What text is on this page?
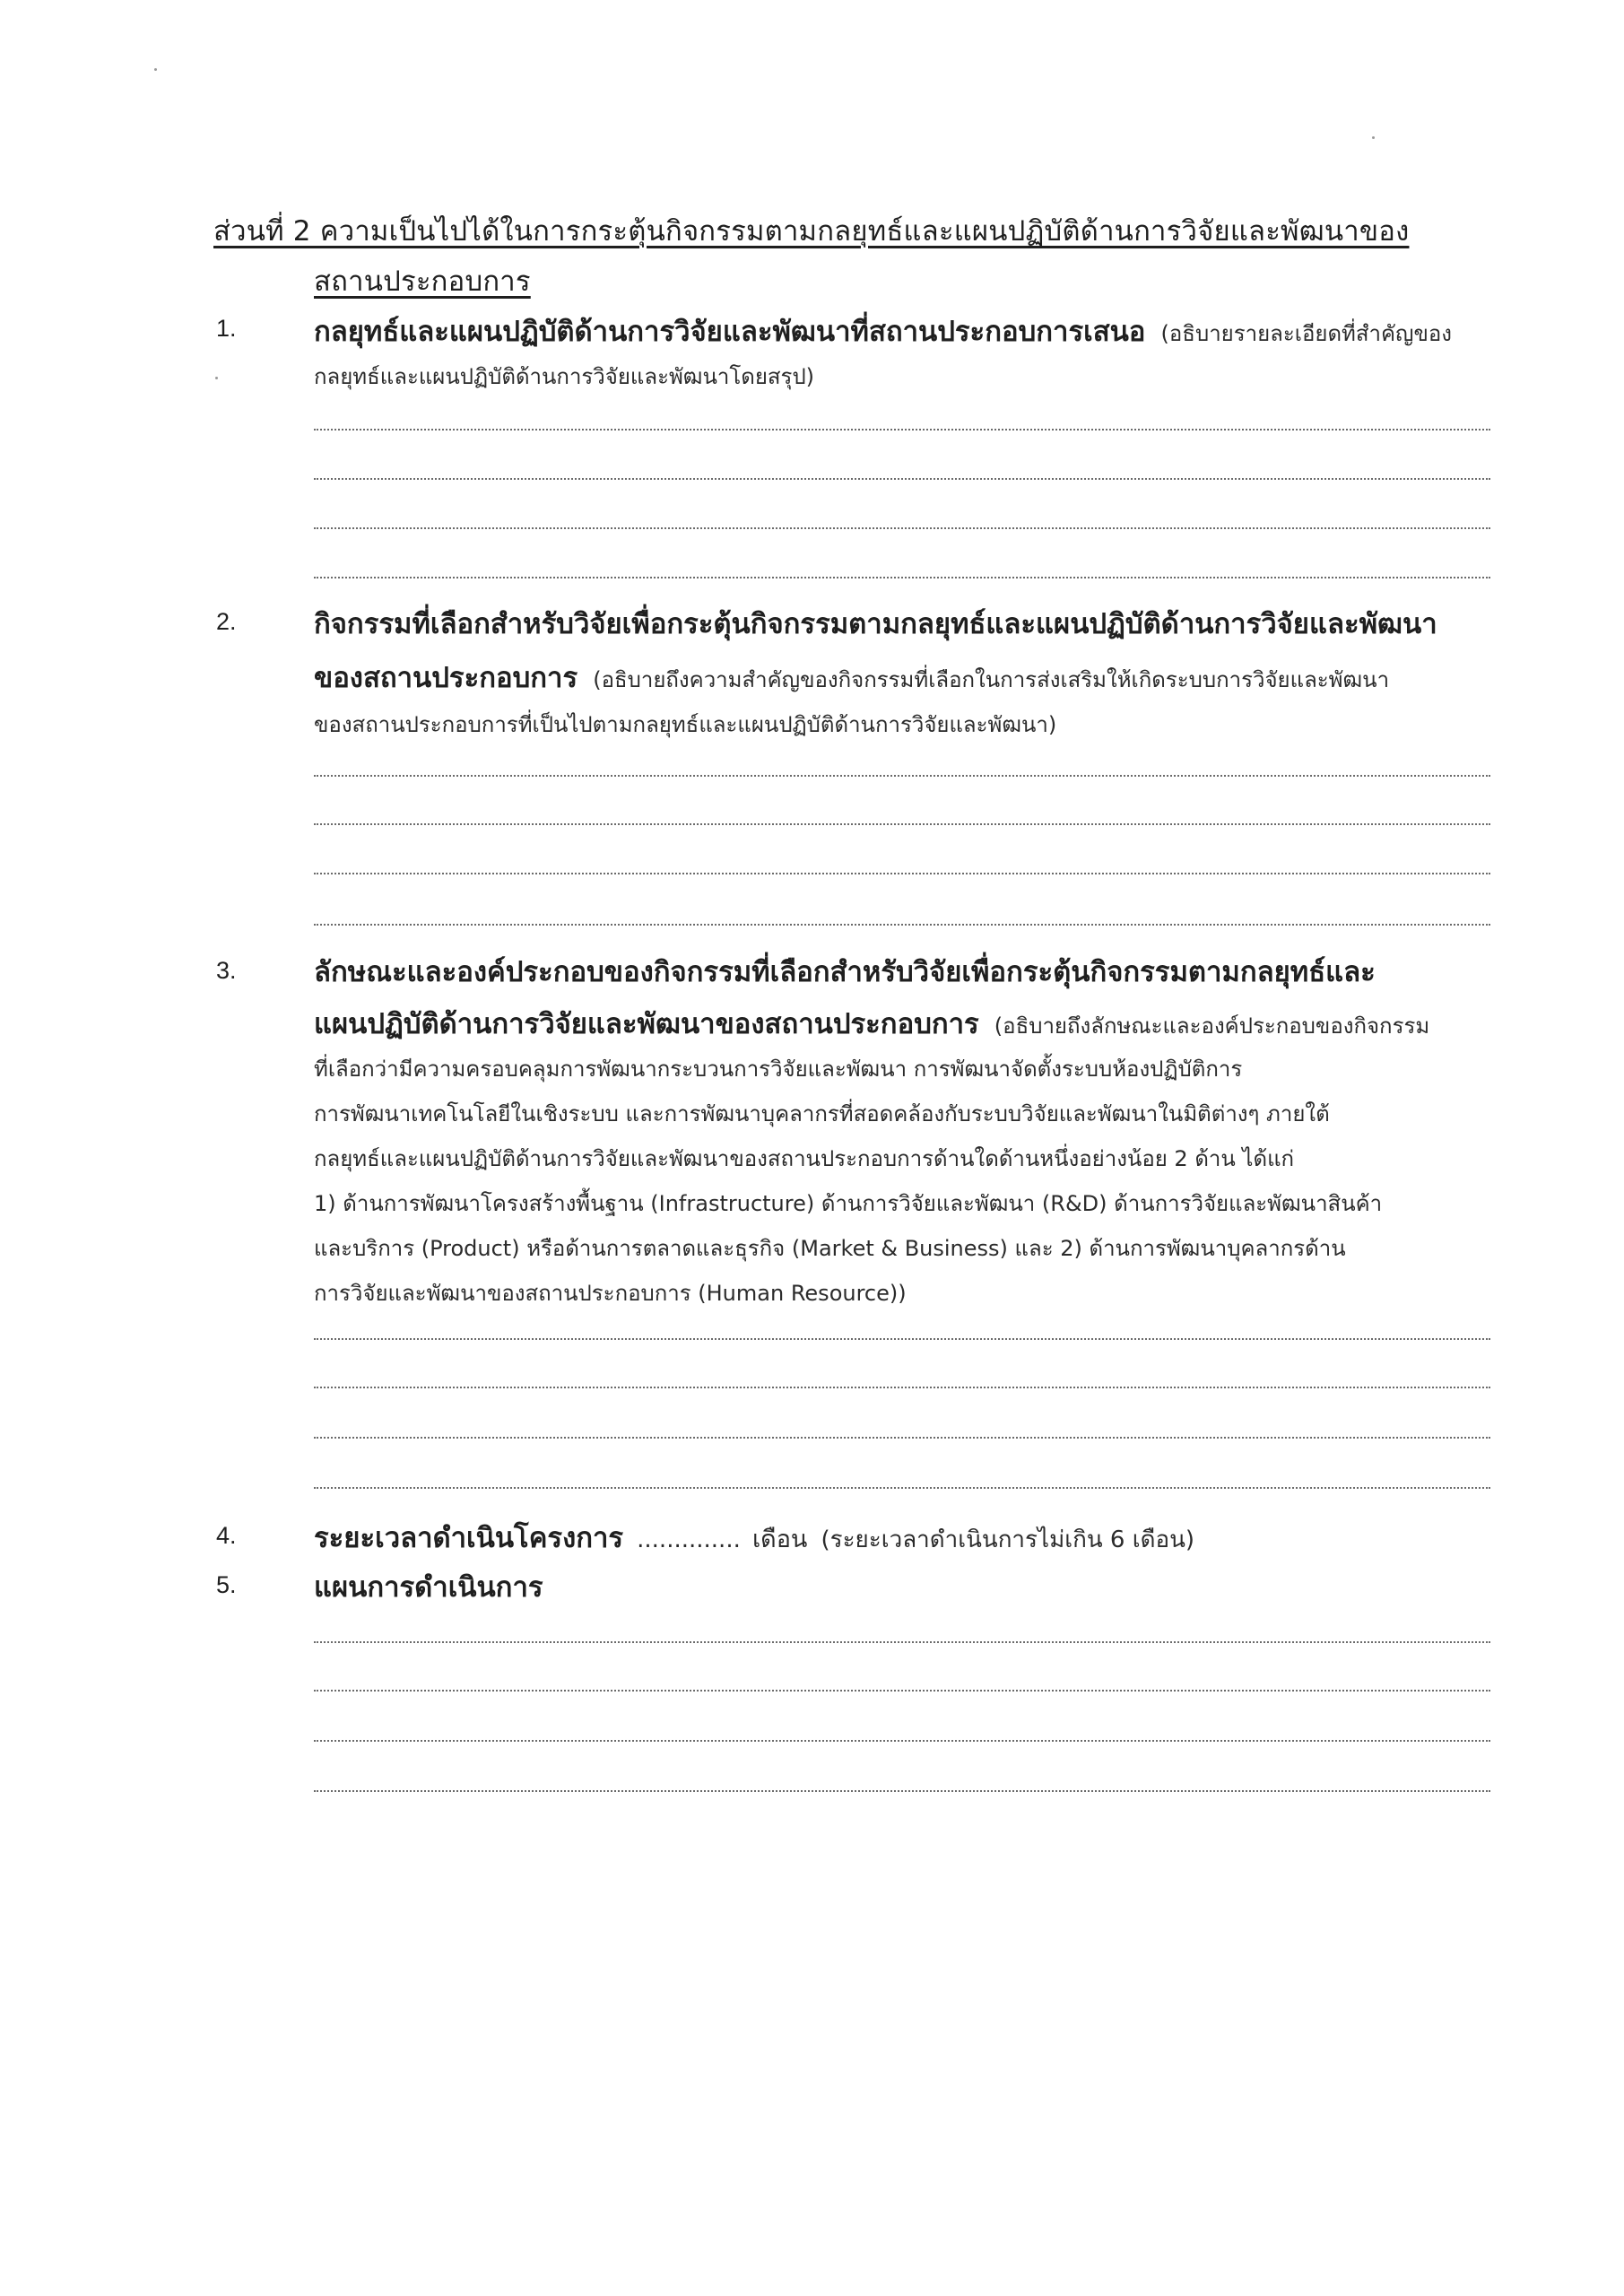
ส่วนที่ 2 ความเป็นไปได้ในการกระตุ้นกิจกรรมตามกลยุทธ์และแผนปฏิบัติด้านการวิจัยและพัฒนาของ
สถานประกอบการ
1.	กลยุทธ์และแผนปฏิบัติด้านการวิจัยและพัฒนาที่สถานประกอบการเสนอ (อธิบายรายละเอียดที่สำคัญของ
กลยุทธ์และแผนปฏิบัติด้านการวิจัยและพัฒนาโดยสรุป)
2.	กิจกรรมที่เลือกสำหรับวิจัยเพื่อกระตุ้นกิจกรรมตามกลยุทธ์และแผนปฏิบัติด้านการวิจัยและพัฒนา
ของสถานประกอบการ (อธิบายถึงความสำคัญของกิจกรรมที่เลือกในการส่งเสริมให้เกิดระบบการวิจัยและพัฒนา
ของสถานประกอบการที่เป็นไปตามกลยุทธ์และแผนปฏิบัติด้านการวิจัยและพัฒนา)
3.	ลักษณะและองค์ประกอบของกิจกรรมที่เลือกสำหรับวิจัยเพื่อกระตุ้นกิจกรรมตามกลยุทธ์และ
แผนปฏิบัติด้านการวิจัยและพัฒนาของสถานประกอบการ (อธิบายถึงลักษณะและองค์ประกอบของกิจกรรม
ที่เลือกว่ามีความครอบคลุมการพัฒนากระบวนการวิจัยและพัฒนา การพัฒนาจัดตั้งระบบห้องปฏิบัติการ
การพัฒนาเทคโนโลยีในเชิงระบบ และการพัฒนาบุคลากรที่สอดคล้องกับระบบวิจัยและพัฒนาในมิติต่างๆ ภายใต้
กลยุทธ์และแผนปฏิบัติด้านการวิจัยและพัฒนาของสถานประกอบการด้านใดด้านหนึ่งอย่างน้อย 2 ด้าน ได้แก่
1) ด้านการพัฒนาโครงสร้างพื้นฐาน (Infrastructure) ด้านการวิจัยและพัฒนา (R&D) ด้านการวิจัยและพัฒนาสินค้า
และบริการ (Product) หรือด้านการตลาดและธุรกิจ (Market & Business) และ 2) ด้านการพัฒนาบุคลากรด้าน
การวิจัยและพัฒนาของสถานประกอบการ (Human Resource))
4.	ระยะเวลาดำเนินโครงการ .............. เดือน (ระยะเวลาดำเนินการไม่เกิน 6 เดือน)
5.	แผนการดำเนินการ
